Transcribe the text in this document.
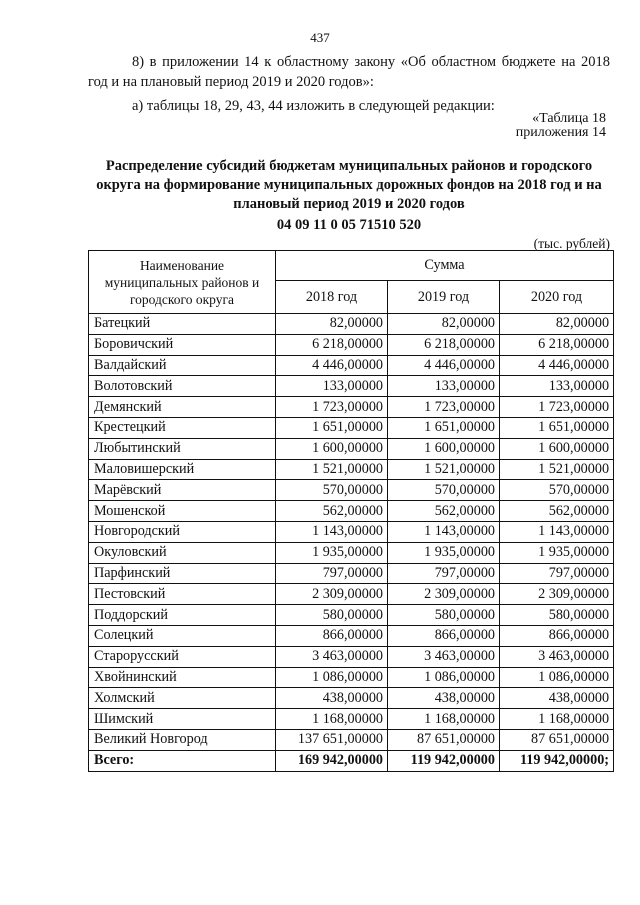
437
8) в приложении 14 к областному закону «Об областном бюджете на 2018 год и на плановый период 2019 и 2020 годов»:
а) таблицы 18, 29, 43, 44 изложить в следующей редакции:
«Таблица 18
приложения 14
Распределение субсидий бюджетам муниципальных районов и городского округа на формирование муниципальных дорожных фондов на 2018 год и на плановый период 2019 и 2020 годов
04 09 11 0 05 71510 520
(тыс. рублей)
Наименование муниципальных районов и городского округа	Сумма		
	2018 год	2019 год	2020 год
Батецкий	82,00000	82,00000	82,00000
Боровичский	6 218,00000	6 218,00000	6 218,00000
Валдайский	4 446,00000	4 446,00000	4 446,00000
Волотовский	133,00000	133,00000	133,00000
Демянский	1 723,00000	1 723,00000	1 723,00000
Крестецкий	1 651,00000	1 651,00000	1 651,00000
Любытинский	1 600,00000	1 600,00000	1 600,00000
Маловишерский	1 521,00000	1 521,00000	1 521,00000
Марёвский	570,00000	570,00000	570,00000
Мошенской	562,00000	562,00000	562,00000
Новгородский	1 143,00000	1 143,00000	1 143,00000
Окуловский	1 935,00000	1 935,00000	1 935,00000
Парфинский	797,00000	797,00000	797,00000
Пестовский	2 309,00000	2 309,00000	2 309,00000
Поддорский	580,00000	580,00000	580,00000
Солецкий	866,00000	866,00000	866,00000
Старорусский	3 463,00000	3 463,00000	3 463,00000
Хвойнинский	1 086,00000	1 086,00000	1 086,00000
Холмский	438,00000	438,00000	438,00000
Шимский	1 168,00000	1 168,00000	1 168,00000
Великий Новгород	137 651,00000	87 651,00000	87 651,00000
Всего:	169 942,00000	119 942,00000	119 942,00000;
